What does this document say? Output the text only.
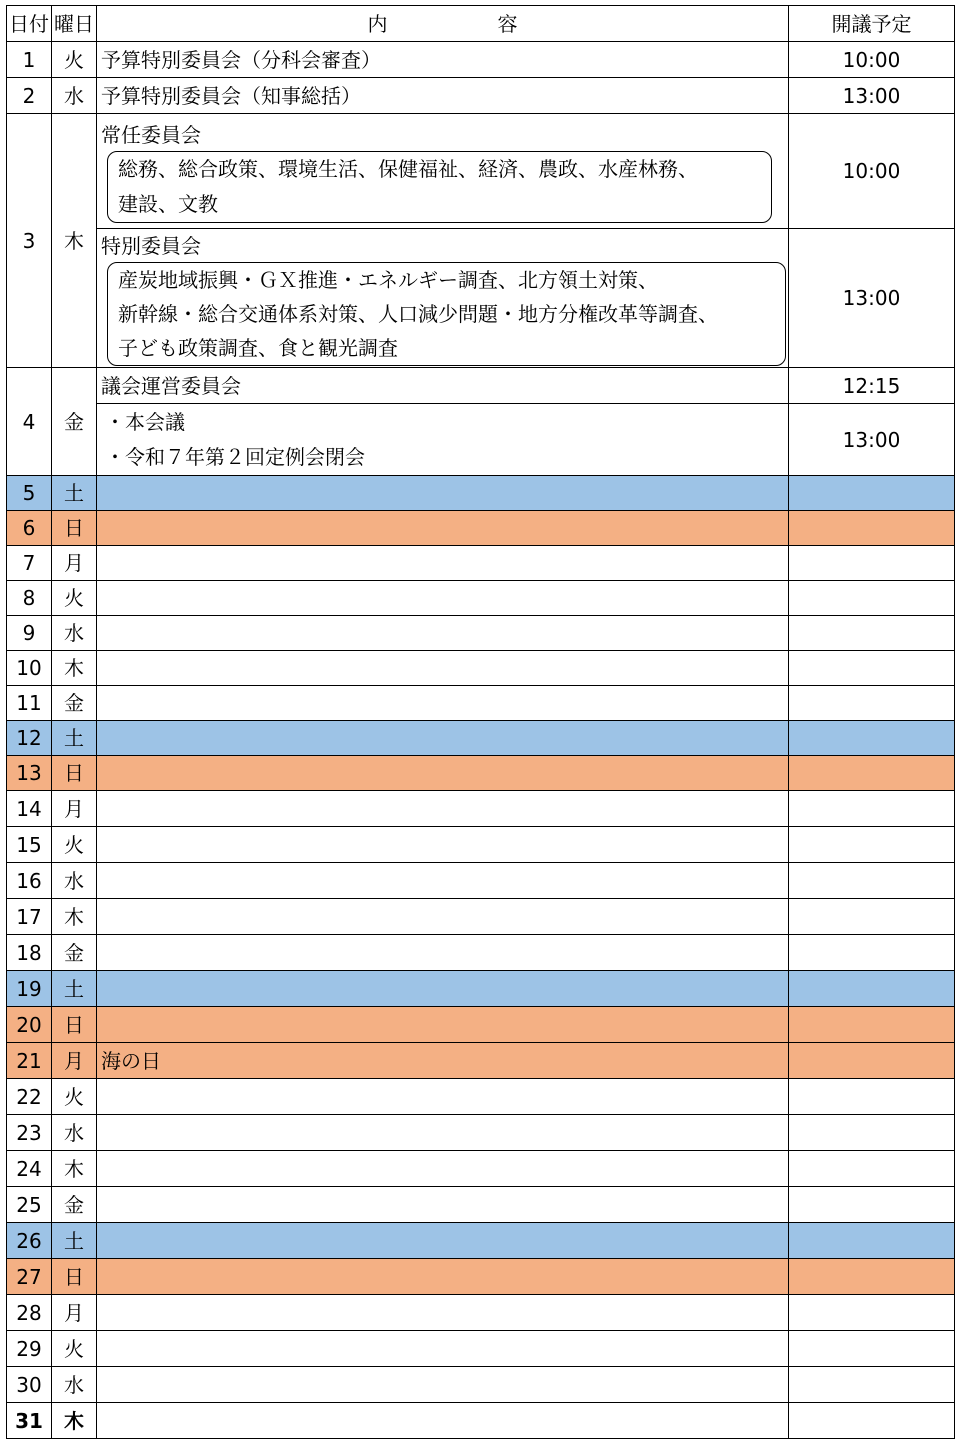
日付	曜日	内 容	開議予定
1	火	予算特別委員会（分科会審査）	10:00
2	水	予算特別委員会（知事総括）	13:00
3	木	常任委員会
総務、総合政策、環境生活、保健福祉、経済、農政、水産林務、
建設、文教	10:00

		特別委員会
産炭地域振興・ＧＸ推進・エネルギー調査、北方領土対策、
新幹線・総合交通体系対策、人口減少問題・地方分権改革等調査、
子ども政策調査、食と観光調査	13:00
4	金	議会運営委員会	12:15

		・本会議
・令和７年第２回定例会閉会	13:00
5	土		
6	日		
7	月		
8	火		
9	水		
10	木		
11	金		
12	土		
13	日		
14	月		
15	火		
16	水		
17	木		
18	金		
19	土		
20	日		
21	月	海の日	
22	火		
23	水		
24	木		
25	金		
26	土		
27	日		
28	月		
29	火		
30	水		
31	木		
